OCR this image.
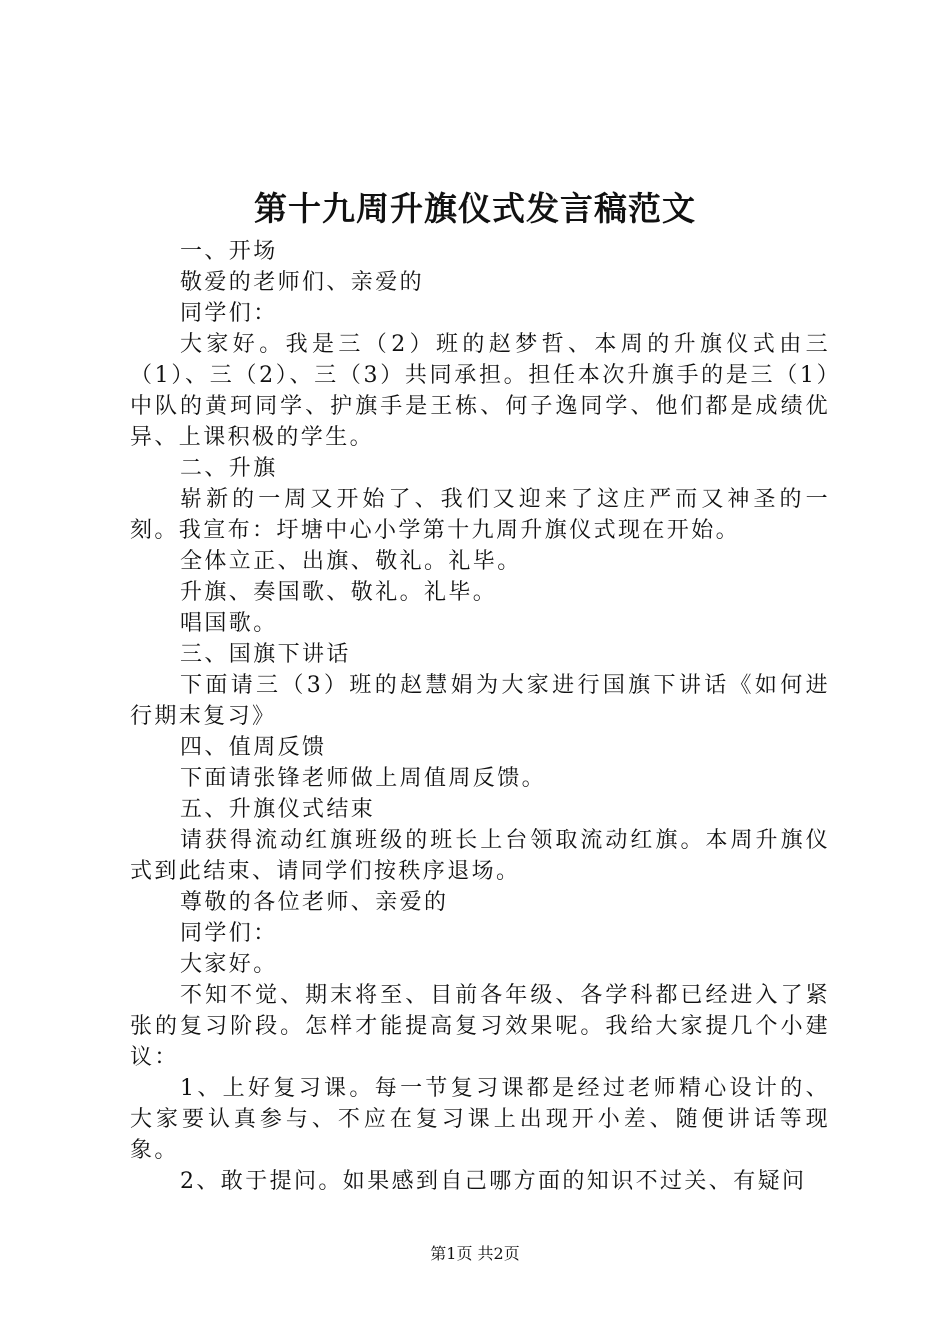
第十九周升旗仪式发言稿范文

一、开场

敬爱的老师们、亲爱的

同学们：

大家好。我是三（2）班的赵梦哲、本周的升旗仪式由三（1）、三（2）、三（3）共同承担。担任本次升旗手的是三（1）中队的黄珂同学、护旗手是王栋、何子逸同学、他们都是成绩优异、上课积极的学生。

二、升旗

崭新的一周又开始了、我们又迎来了这庄严而又神圣的一刻。我宣布：圩塘中心小学第十九周升旗仪式现在开始。

全体立正、出旗、敬礼。礼毕。

升旗、奏国歌、敬礼。礼毕。

唱国歌。

三、国旗下讲话

下面请三（3）班的赵慧娟为大家进行国旗下讲话《如何进行期末复习》

四、值周反馈

下面请张锋老师做上周值周反馈。

五、升旗仪式结束

请获得流动红旗班级的班长上台领取流动红旗。本周升旗仪式到此结束、请同学们按秩序退场。

尊敬的各位老师、亲爱的

同学们：

大家好。

不知不觉、期末将至、目前各年级、各学科都已经进入了紧张的复习阶段。怎样才能提高复习效果呢。我给大家提几个小建议：

1、上好复习课。每一节复习课都是经过老师精心设计的、大家要认真参与、不应在复习课上出现开小差、随便讲话等现象。

2、敢于提问。如果感到自己哪方面的知识不过关、有疑问

第1页 共2页
